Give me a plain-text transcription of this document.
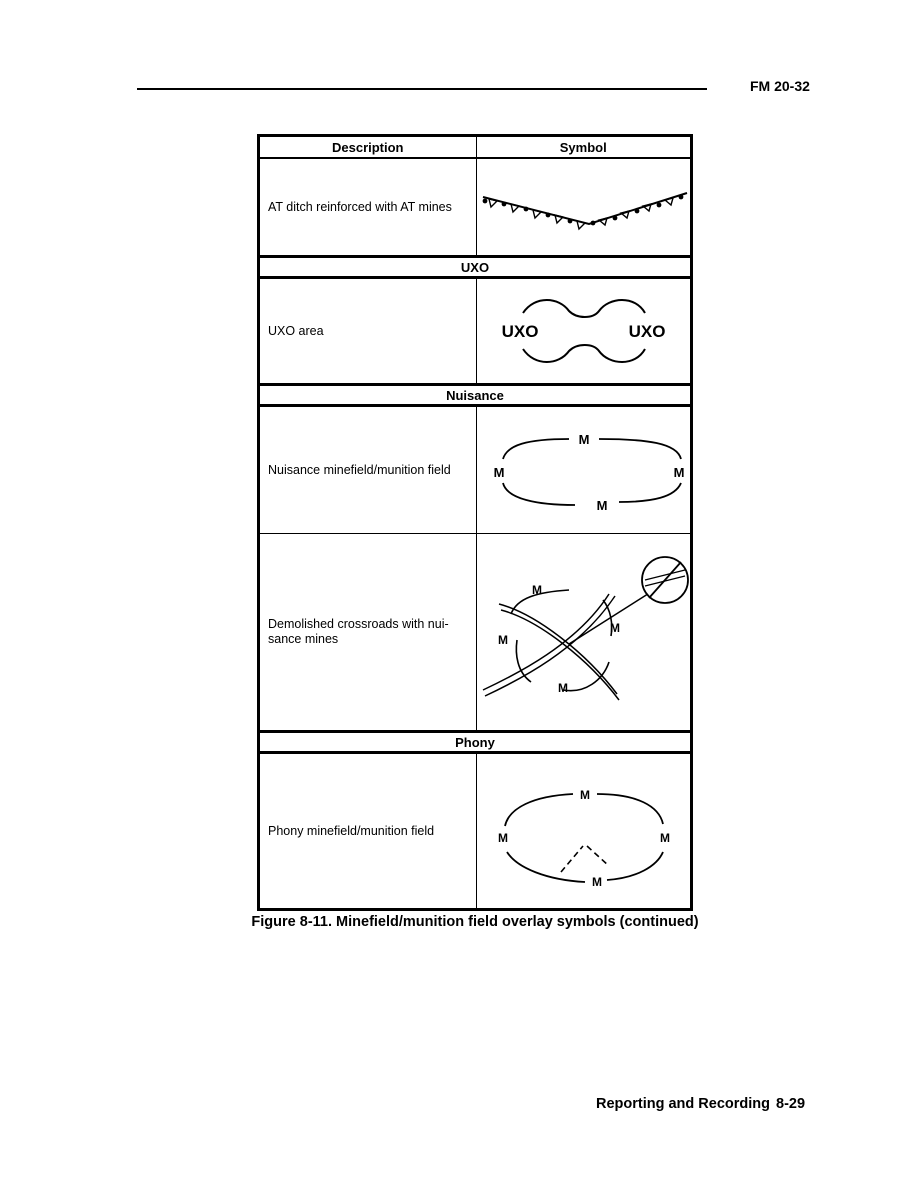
FM 20-32
Description	Symbol
AT ditch reinforced with AT mines	

UXO	
UXO area	UXO UXO

Nuisance	
Nuisance minefield/munition field	M
M M
M

Demolished crossroads with nui-
sance mines	M
M
M
M

Phony	
Phony minefield/munition field	M
M M
M
Figure 8-11. Minefield/munition field overlay symbols (continued)
Reporting and Recording 8-29
